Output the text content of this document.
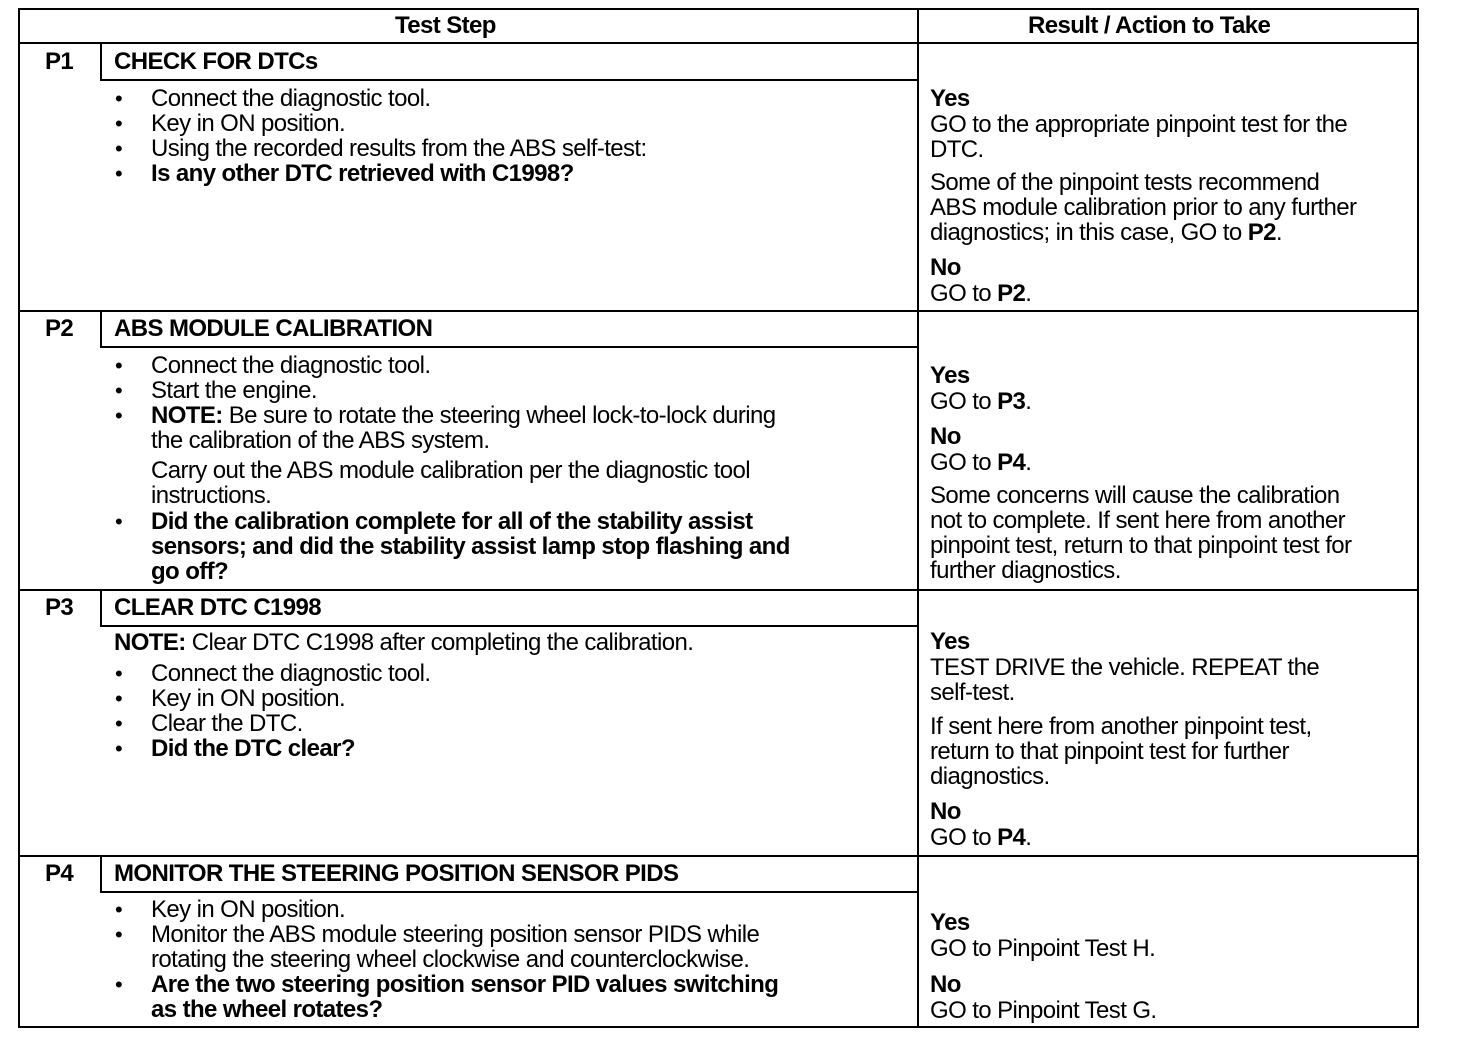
Test Step	Result / Action to Take
P1 CHECK FOR DTCs
• Connect the diagnostic tool.
• Key in ON position.
• Using the recorded results from the ABS self-test:
• Is any other DTC retrieved with C1998?
Yes
GO to the appropriate pinpoint test for the
DTC.
Some of the pinpoint tests recommend
ABS module calibration prior to any further
diagnostics; in this case, GO to P2.
No
GO to P2.
P2 ABS MODULE CALIBRATION
• Connect the diagnostic tool.
• Start the engine.
• NOTE: Be sure to rotate the steering wheel lock-to-lock during
the calibration of the ABS system.
Carry out the ABS module calibration per the diagnostic tool
instructions.
• Did the calibration complete for all of the stability assist
sensors; and did the stability assist lamp stop flashing and
go off?
Yes
GO to P3.
No
GO to P4.
Some concerns will cause the calibration
not to complete. If sent here from another
pinpoint test, return to that pinpoint test for
further diagnostics.
P3 CLEAR DTC C1998
NOTE: Clear DTC C1998 after completing the calibration.
• Connect the diagnostic tool.
• Key in ON position.
• Clear the DTC.
• Did the DTC clear?
Yes
TEST DRIVE the vehicle. REPEAT the
self-test.
If sent here from another pinpoint test,
return to that pinpoint test for further
diagnostics.
No
GO to P4.
P4 MONITOR THE STEERING POSITION SENSOR PIDS
• Key in ON position.
• Monitor the ABS module steering position sensor PIDS while
rotating the steering wheel clockwise and counterclockwise.
• Are the two steering position sensor PID values switching
as the wheel rotates?
Yes
GO to Pinpoint Test H.
No
GO to Pinpoint Test G.
